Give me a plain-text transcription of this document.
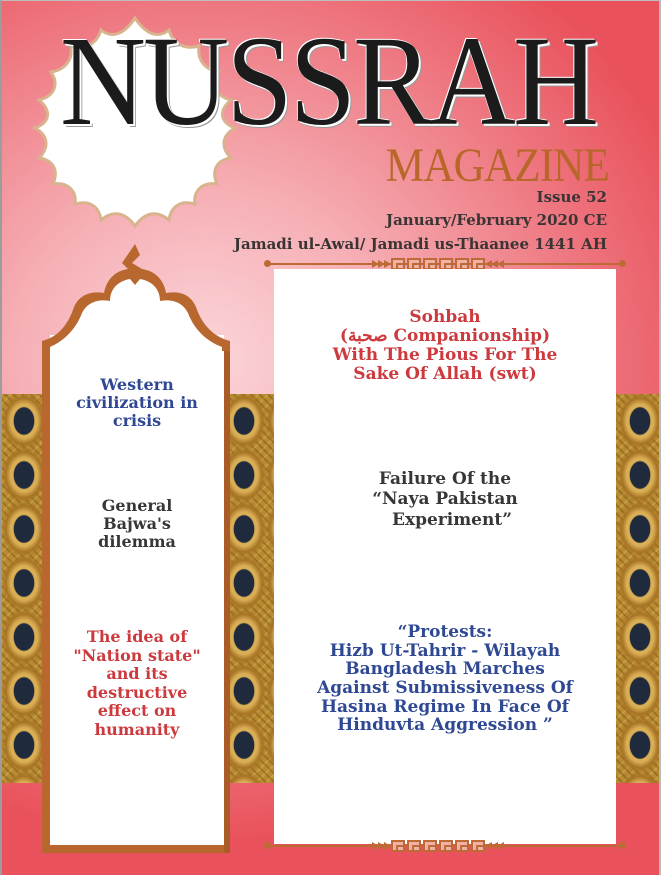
NUSSRAH
MAGAZINE
Issue 52
January/February 2020 CE
Jamadi ul-Awal/ Jamadi us-Thaanee 1441 AH
Western
civilization in
crisis
General
Bajwa's
dilemma
The idea of
"Nation state"
and its
destructive
effect on
humanity
Sohbah
(صحبة Companionship)
With The Pious For The
Sake Of Allah (swt)
Failure Of the
“Naya Pakistan
Experiment”
“Protests:
Hizb Ut-Tahrir - Wilayah
Bangladesh Marches
Against Submissiveness Of
Hasina Regime In Face Of
Hinduvta Aggression ”
